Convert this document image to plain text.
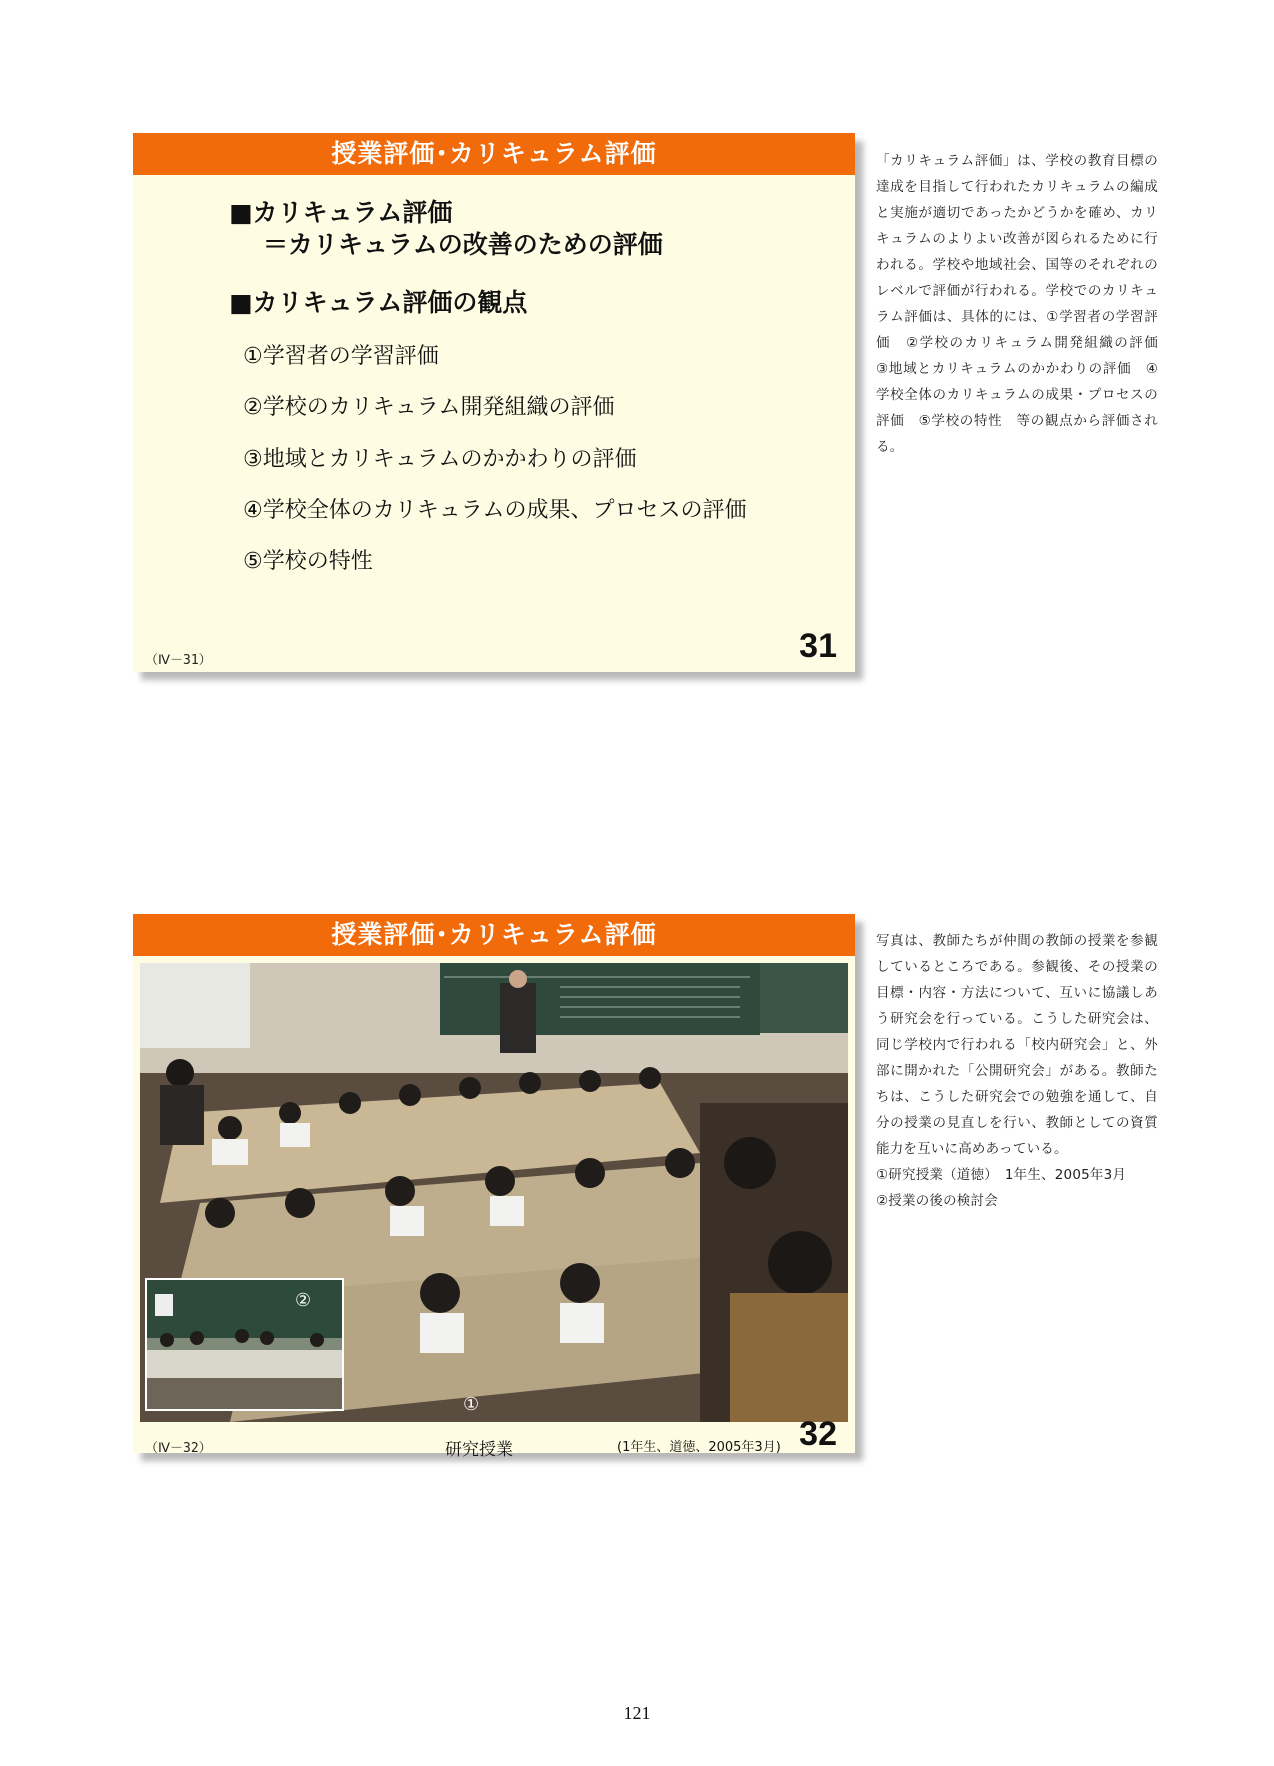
授業評価･カリキュラム評価
■カリキュラム評価
＝カリキュラムの改善のための評価
■カリキュラム評価の観点
①学習者の学習評価
②学校のカリキュラム開発組織の評価
③地域とカリキュラムのかかわりの評価
④学校全体のカリキュラムの成果、プロセスの評価
⑤学校の特性
（Ⅳ－31）	31

「カリキュラム評価」は、学校の教育目標の達成を目指して行われたカリキュラムの編成と実施が適切であったかどうかを確め、カリキュラムのよりよい改善が図られるために行われる。学校や地域社会、国等のそれぞれのレベルで評価が行われる。学校でのカリキュラム評価は、具体的には、①学習者の学習評価　②学校のカリキュラム開発組織の評価　③地域とカリキュラムのかかわりの評価　④学校全体のカリキュラムの成果・プロセスの評価　⑤学校の特性　等の観点から評価される。

授業評価･カリキュラム評価
②
①
（Ⅳ－32）	研究授業	(1年生、道徳、2005年3月) 32

写真は、教師たちが仲間の教師の授業を参観しているところである。参観後、その授業の目標・内容・方法について、互いに協議しあう研究会を行っている。こうした研究会は、同じ学校内で行われる「校内研究会」と、外部に開かれた「公開研究会」がある。教師たちは、こうした研究会での勉強を通して、自分の授業の見直しを行い、教師としての資質能力を互いに高めあっている。

①研究授業（道徳）　1年生、2005年3月

②授業の後の検討会

121
